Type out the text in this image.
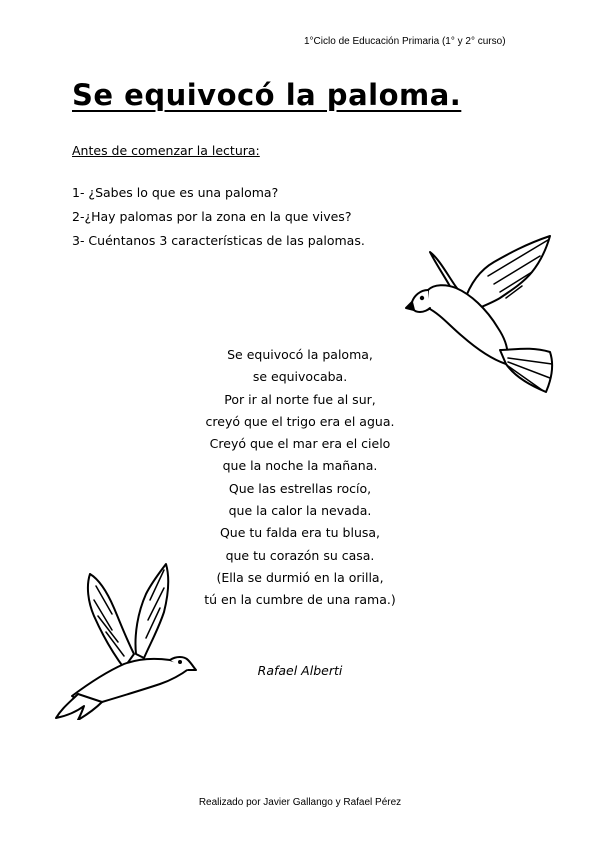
1°Ciclo de Educación Primaria (1° y 2° curso)
Se equivocó la paloma.
Antes de comenzar la lectura:
1- ¿Sabes lo que es una paloma?
2-¿Hay palomas por la zona en la que vives?
3- Cuéntanos 3 características de las palomas.
Se equivocó la paloma,
se equivocaba.
Por ir al norte fue al sur,
creyó que el trigo era el agua.
Creyó que el mar era el cielo
que la noche la mañana.
Que las estrellas rocío,
que la calor la nevada.
Que tu falda era tu blusa,
que tu corazón su casa.
(Ella se durmió en la orilla,
tú en la cumbre de una rama.)
Rafael Alberti
Realizado por Javier Gallango y Rafael Pérez
